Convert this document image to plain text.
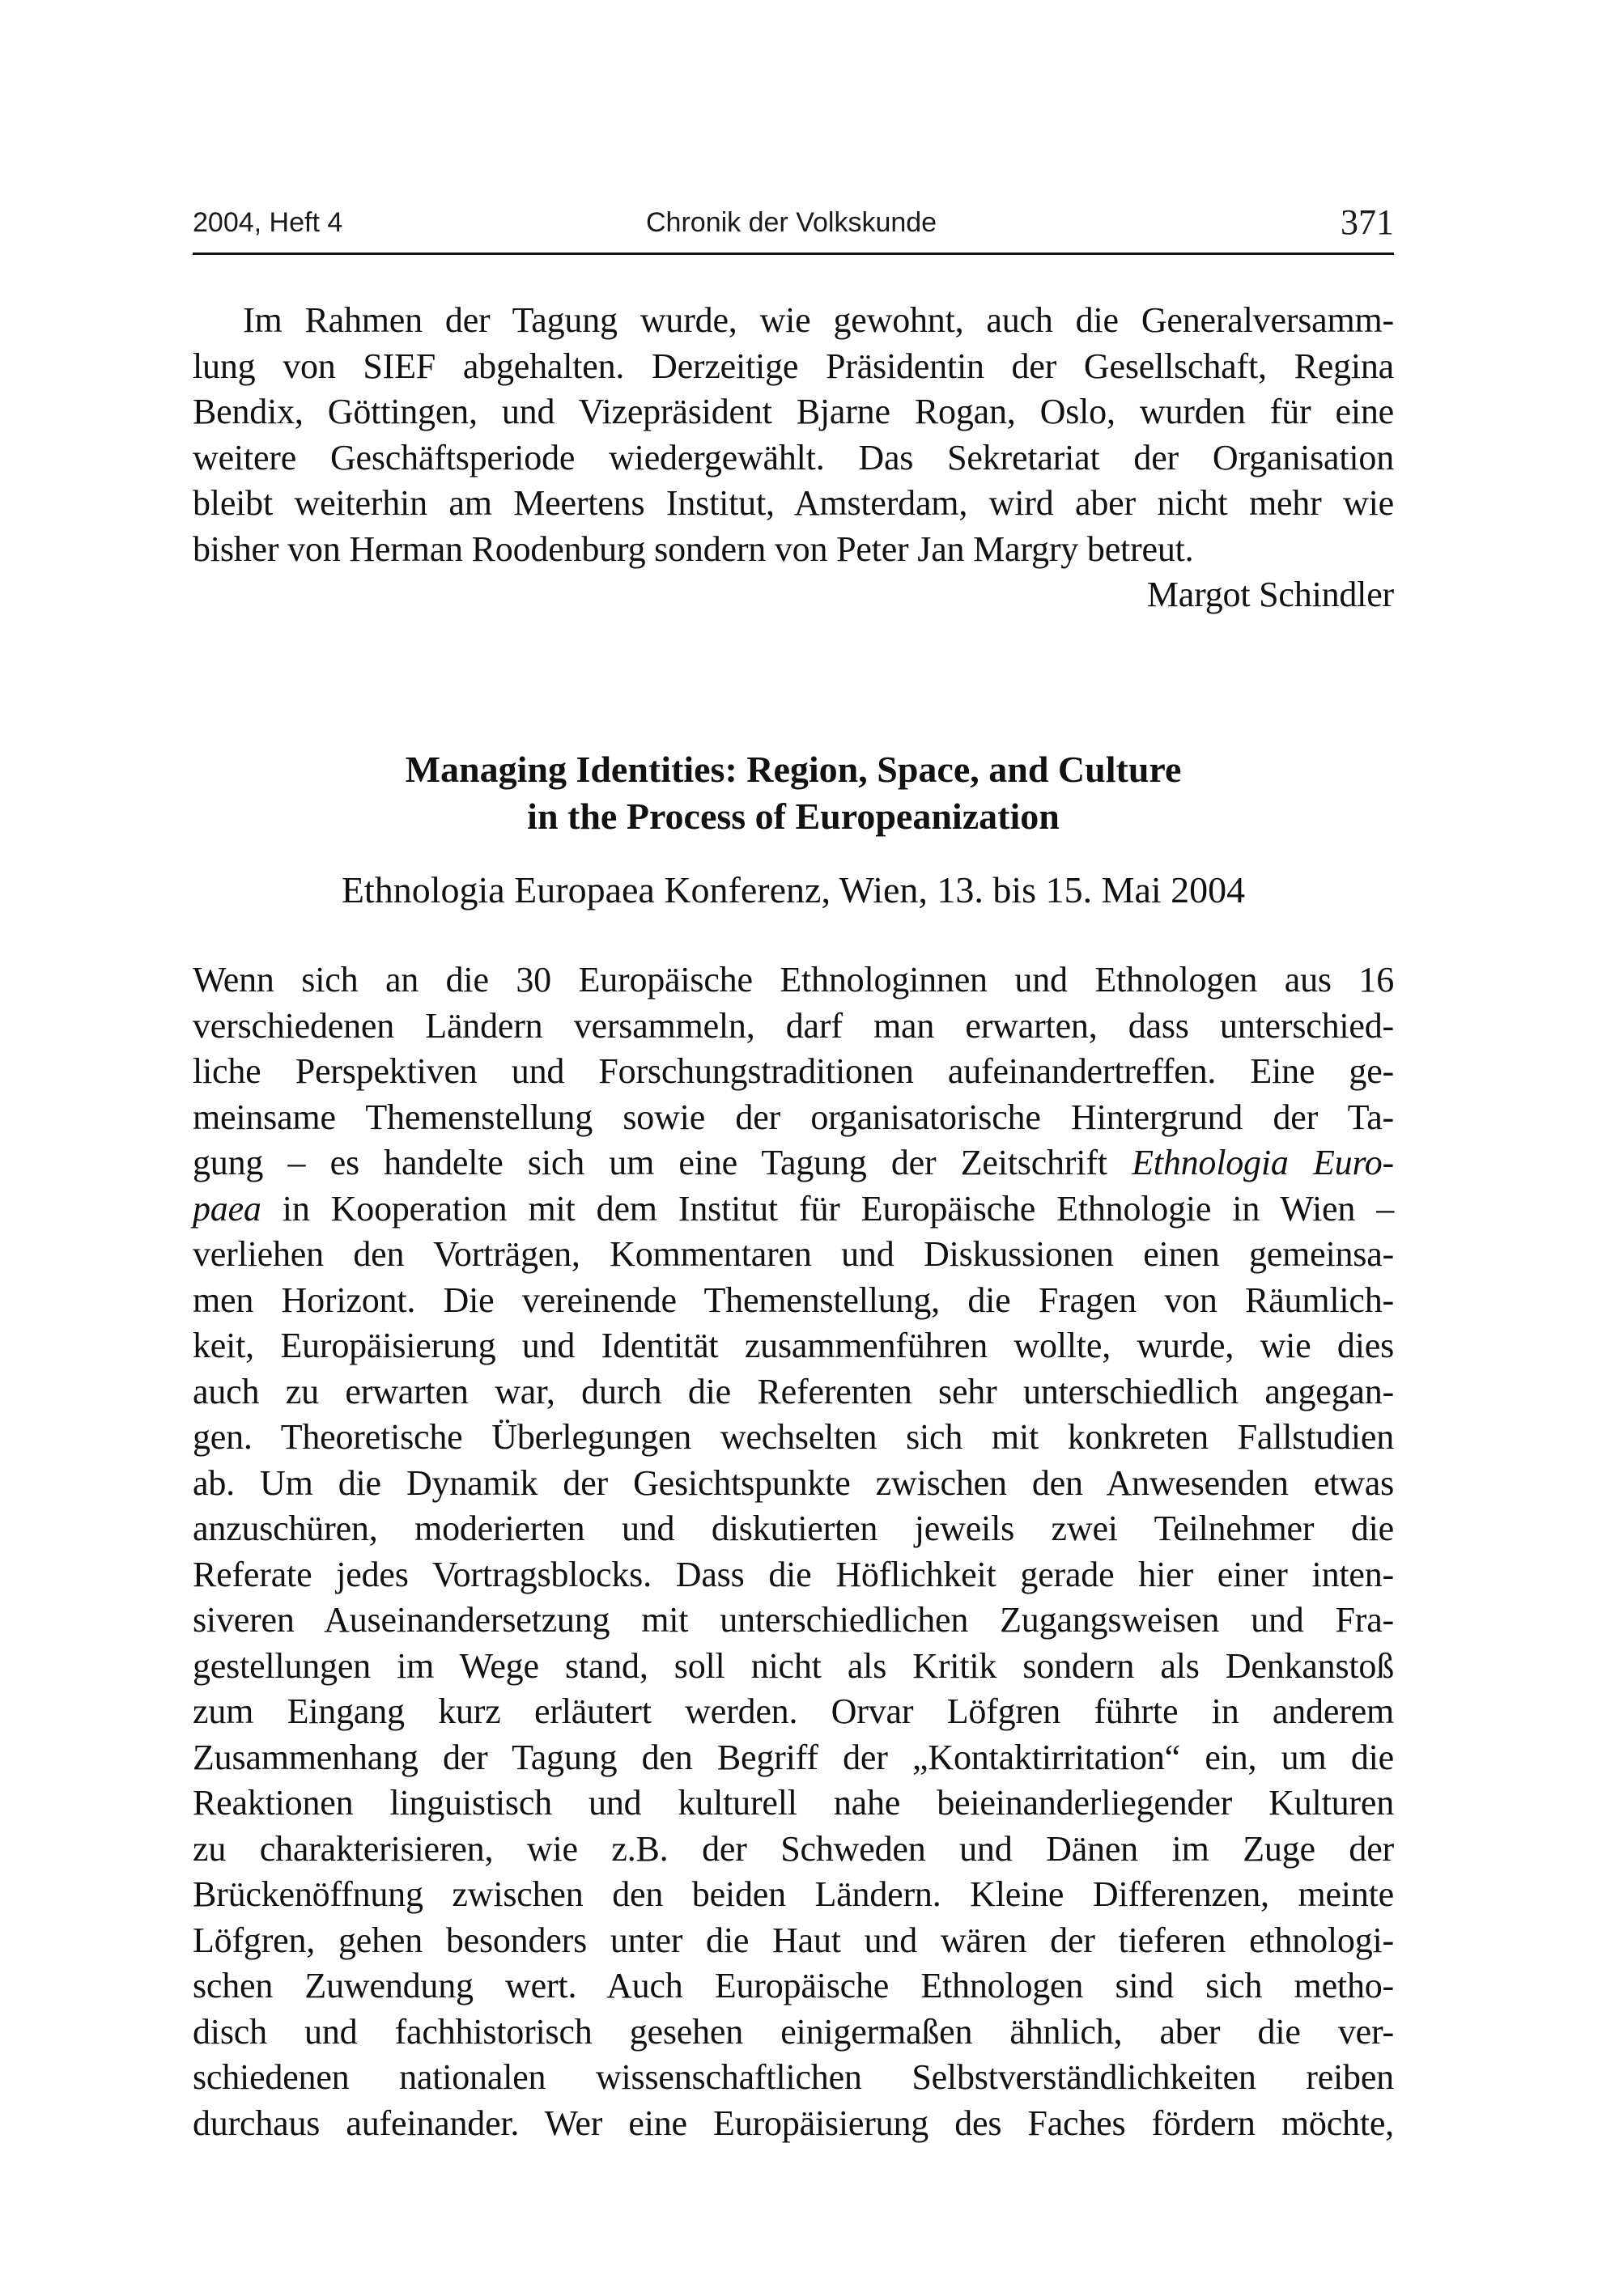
2004, Heft 4	Chronik der Volkskunde	371
Im Rahmen der Tagung wurde, wie gewohnt, auch die Generalversamm-
lung von SIEF abgehalten. Derzeitige Präsidentin der Gesellschaft, Regina
Bendix, Göttingen, und Vizepräsident Bjarne Rogan, Oslo, wurden für eine
weitere Geschäftsperiode wiedergewählt. Das Sekretariat der Organisation
bleibt weiterhin am Meertens Institut, Amsterdam, wird aber nicht mehr wie
bisher von Herman Roodenburg sondern von Peter Jan Margry betreut.
Margot Schindler
Managing Identities: Region, Space, and Culture
in the Process of Europeanization
Ethnologia Europaea Konferenz, Wien, 13. bis 15. Mai 2004
Wenn sich an die 30 Europäische Ethnologinnen und Ethnologen aus 16
verschiedenen Ländern versammeln, darf man erwarten, dass unterschied-
liche Perspektiven und Forschungstraditionen aufeinandertreffen. Eine ge-
meinsame Themenstellung sowie der organisatorische Hintergrund der Ta-
gung – es handelte sich um eine Tagung der Zeitschrift Ethnologia Euro-
paea in Kooperation mit dem Institut für Europäische Ethnologie in Wien –
verliehen den Vorträgen, Kommentaren und Diskussionen einen gemeinsa-
men Horizont. Die vereinende Themenstellung, die Fragen von Räumlich-
keit, Europäisierung und Identität zusammenführen wollte, wurde, wie dies
auch zu erwarten war, durch die Referenten sehr unterschiedlich angegan-
gen. Theoretische Überlegungen wechselten sich mit konkreten Fallstudien
ab. Um die Dynamik der Gesichtspunkte zwischen den Anwesenden etwas
anzuschüren, moderierten und diskutierten jeweils zwei Teilnehmer die
Referate jedes Vortragsblocks. Dass die Höflichkeit gerade hier einer inten-
siveren Auseinandersetzung mit unterschiedlichen Zugangsweisen und Fra-
gestellungen im Wege stand, soll nicht als Kritik sondern als Denkanstoß
zum Eingang kurz erläutert werden. Orvar Löfgren führte in anderem
Zusammenhang der Tagung den Begriff der „Kontaktirritation“ ein, um die
Reaktionen linguistisch und kulturell nahe beieinanderliegender Kulturen
zu charakterisieren, wie z.B. der Schweden und Dänen im Zuge der
Brückenöffnung zwischen den beiden Ländern. Kleine Differenzen, meinte
Löfgren, gehen besonders unter die Haut und wären der tieferen ethnologi-
schen Zuwendung wert. Auch Europäische Ethnologen sind sich metho-
disch und fachhistorisch gesehen einigermaßen ähnlich, aber die ver-
schiedenen nationalen wissenschaftlichen Selbstverständlichkeiten reiben
durchaus aufeinander. Wer eine Europäisierung des Faches fördern möchte,
